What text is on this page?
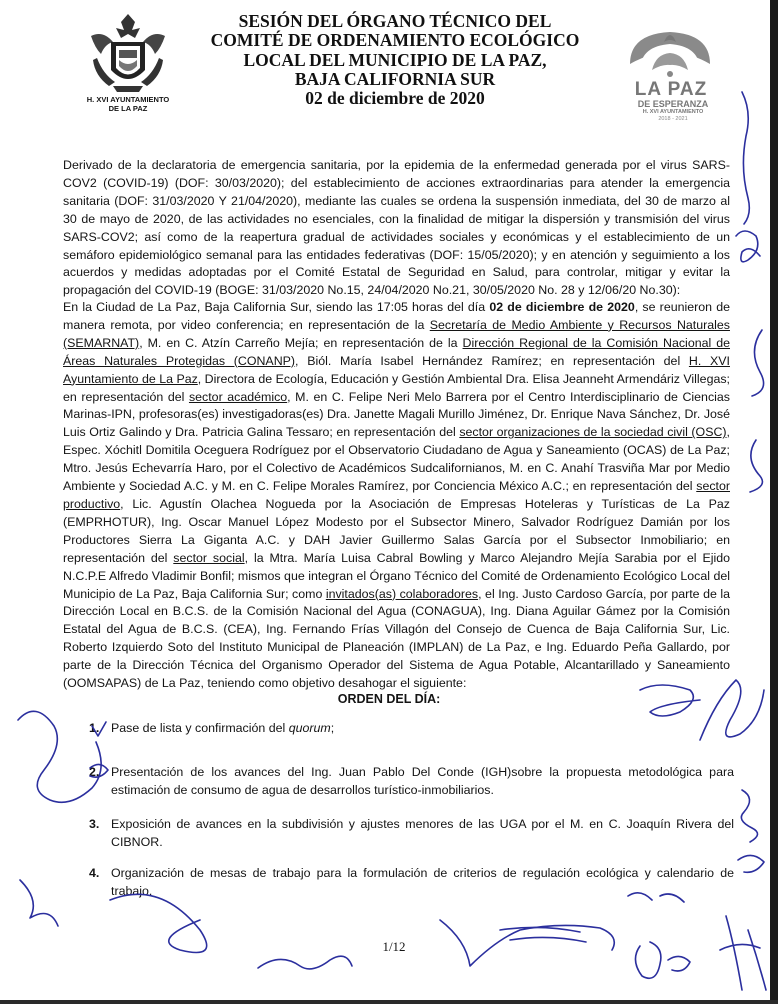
H. XVI AYUNTAMIENTO
DE LA PAZ
SESIÓN DEL ÓRGANO TÉCNICO DEL
COMITÉ DE ORDENAMIENTO ECOLÓGICO
LOCAL DEL MUNICIPIO DE LA PAZ,
BAJA CALIFORNIA SUR
02 de diciembre de 2020	LA PAZ
DE ESPERANZA
H. XVI AYUNTAMIENTO
2018 - 2021

Derivado de la declaratoria de emergencia sanitaria, por la epidemia de la enfermedad generada por el virus SARS-COV2 (COVID-19) (DOF: 30/03/2020); del establecimiento de acciones extraordinarias para atender la emergencia sanitaria (DOF: 31/03/2020 Y 21/04/2020), mediante las cuales se ordena la suspensión inmediata, del 30 de marzo al 30 de mayo de 2020, de las actividades no esenciales, con la finalidad de mitigar la dispersión y transmisión del virus SARS-COV2; así como de la reapertura gradual de actividades sociales y económicas y el establecimiento de un semáforo epidemiológico semanal para las entidades federativas (DOF: 15/05/2020); y en atención y seguimiento a los acuerdos y medidas adoptadas por el Comité Estatal de Seguridad en Salud, para controlar, mitigar y evitar la propagación del COVID-19 (BOGE: 31/03/2020 No.15, 24/04/2020 No.21, 30/05/2020 No. 28 y 12/06/20 No.30):

En la Ciudad de La Paz, Baja California Sur, siendo las 17:05 horas del día 02 de diciembre de 2020, se reunieron de manera remota, por video conferencia; en representación de la Secretaría de Medio Ambiente y Recursos Naturales (SEMARNAT), M. en C. Atzín Carreño Mejía; en representación de la Dirección Regional de la Comisión Nacional de Áreas Naturales Protegidas (CONANP), Biól. María Isabel Hernández Ramírez; en representación del H. XVI Ayuntamiento de La Paz, Directora de Ecología, Educación y Gestión Ambiental Dra. Elisa Jeanneht Armendáriz Villegas; en representación del sector académico, M. en C. Felipe Neri Melo Barrera por el Centro Interdisciplinario de Ciencias Marinas-IPN, profesoras(es) investigadoras(es) Dra. Janette Magali Murillo Jiménez, Dr. Enrique Nava Sánchez, Dr. José Luis Ortiz Galindo y Dra. Patricia Galina Tessaro; en representación del sector organizaciones de la sociedad civil (OSC), Espec. Xóchitl Domitila Oceguera Rodríguez por el Observatorio Ciudadano de Agua y Saneamiento (OCAS) de La Paz; Mtro. Jesús Echevarría Haro, por el Colectivo de Académicos Sudcalifornianos, M. en C. Anahí Trasviña Mar por Medio Ambiente y Sociedad A.C. y M. en C. Felipe Morales Ramírez, por Conciencia México A.C.; en representación del sector productivo, Lic. Agustín Olachea Nogueda por la Asociación de Empresas Hoteleras y Turísticas de La Paz (EMPRHOTUR), Ing. Oscar Manuel López Modesto por el Subsector Minero, Salvador Rodríguez Damián por los Productores Sierra La Giganta A.C. y DAH Javier Guillermo Salas García por el Subsector Inmobiliario; en representación del sector social, la Mtra. María Luisa Cabral Bowling y Marco Alejandro Mejía Sarabia por el Ejido N.C.P.E Alfredo Vladimir Bonfil; mismos que integran el Órgano Técnico del Comité de Ordenamiento Ecológico Local del Municipio de La Paz, Baja California Sur; como invitados(as) colaboradores, el Ing. Justo Cardoso García, por parte de la Dirección Local en B.C.S. de la Comisión Nacional del Agua (CONAGUA), Ing. Diana Aguilar Gámez por la Comisión Estatal del Agua de B.C.S. (CEA), Ing. Fernando Frías Villagón del Consejo de Cuenca de Baja California Sur, Lic. Roberto Izquierdo Soto del Instituto Municipal de Planeación (IMPLAN) de La Paz, e Ing. Eduardo Peña Gallardo, por parte de la Dirección Técnica del Organismo Operador del Sistema de Agua Potable, Alcantarillado y Saneamiento (OOMSAPAS) de La Paz, teniendo como objetivo desahogar el siguiente:

ORDEN DEL DÍA:
1. Pase de lista y confirmación del quorum;
2. Presentación de los avances del Ing. Juan Pablo Del Conde (IGH)sobre la propuesta metodológica para estimación de consumo de agua de desarrollos turístico-inmobiliarios.
3. Exposición de avances en la subdivisión y ajustes menores de las UGA por el M. en C. Joaquín Rivera del CIBNOR.
4. Organización de mesas de trabajo para la formulación de criterios de regulación ecológica y calendario de trabajo.
1/12
